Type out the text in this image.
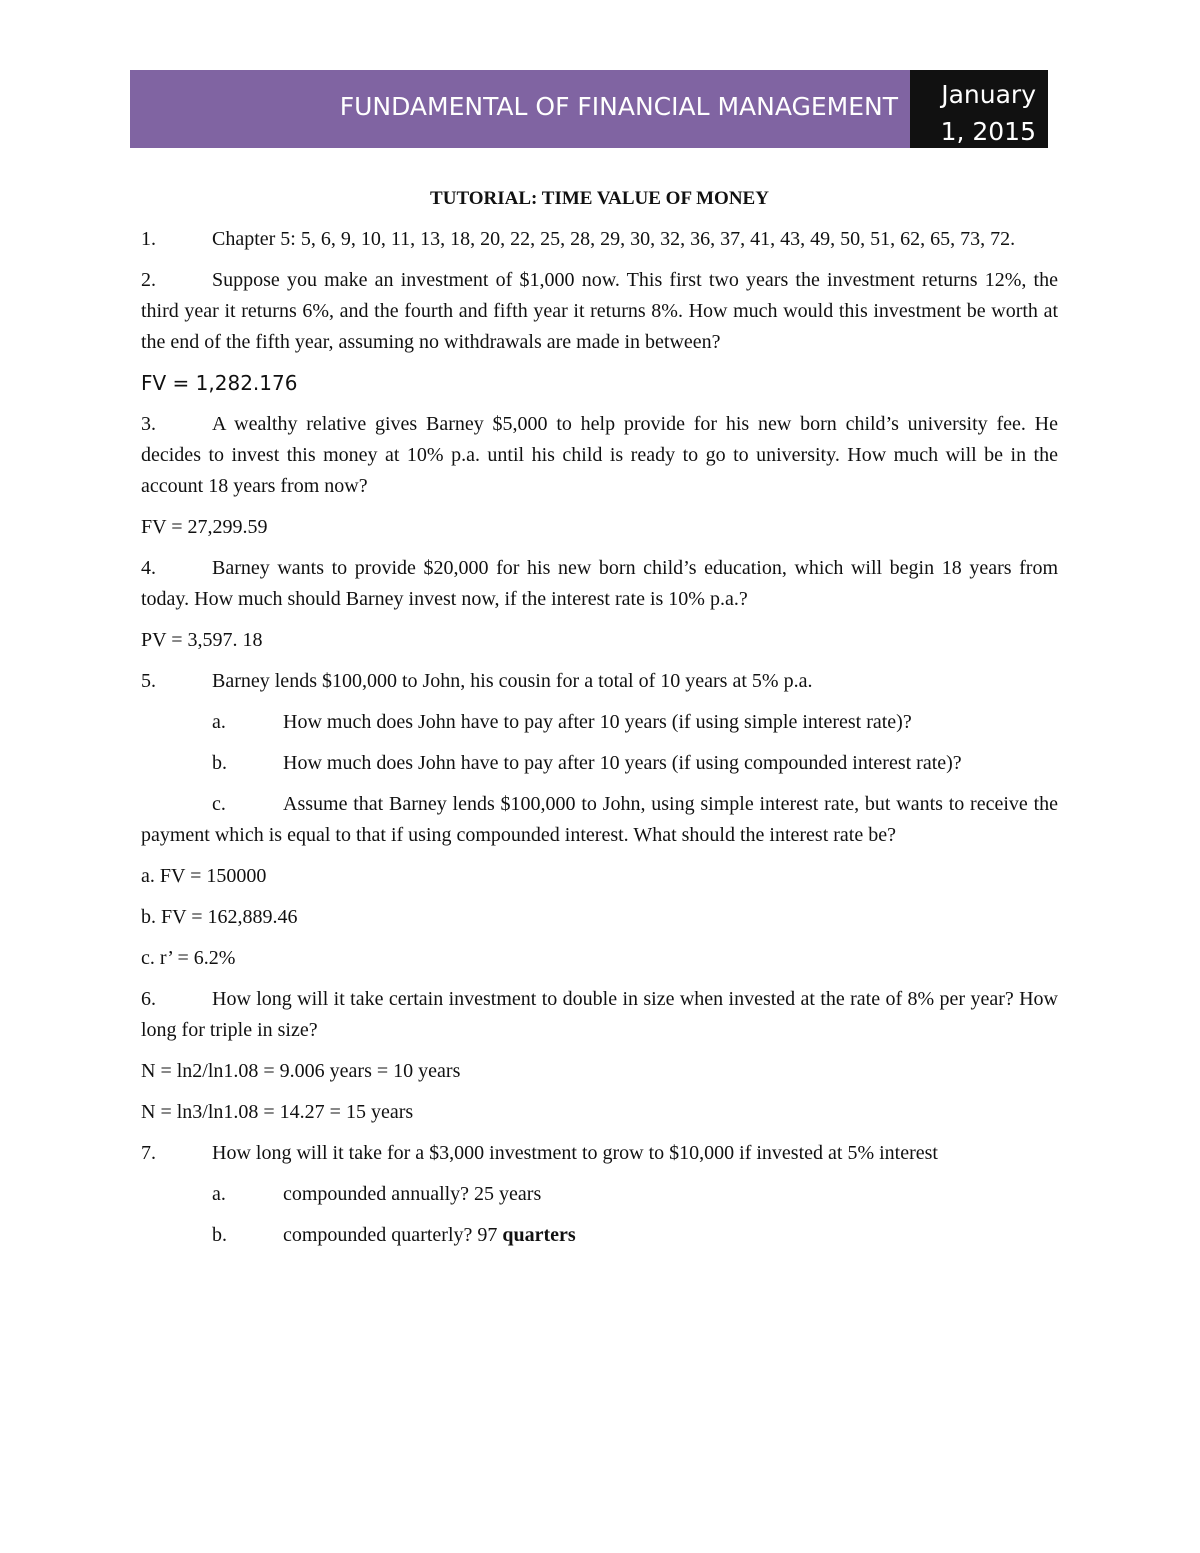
FUNDAMENTAL OF FINANCIAL MANAGEMENT	January
1, 2015
TUTORIAL: TIME VALUE OF MONEY
1.	Chapter 5: 5, 6, 9, 10, 11, 13, 18, 20, 22, 25, 28, 29, 30, 32, 36, 37, 41, 43, 49, 50, 51, 62, 65, 73, 72.
2.	Suppose you make an investment of $1,000 now. This first two years the investment returns 12%, the third year it returns 6%, and the fourth and fifth year it returns 8%. How much would this investment be worth at the end of the fifth year, assuming no withdrawals are made in between?
FV = 1,282.176
3.	A wealthy relative gives Barney $5,000 to help provide for his new born child’s university fee. He decides to invest this money at 10% p.a. until his child is ready to go to university. How much will be in the account 18 years from now?
FV = 27,299.59
4.	Barney wants to provide $20,000 for his new born child’s education, which will begin 18 years from today. How much should Barney invest now, if the interest rate is 10% p.a.?
PV = 3,597. 18
5.	Barney lends $100,000 to John, his cousin for a total of 10 years at 5% p.a.
a.	How much does John have to pay after 10 years (if using simple interest rate)?
b.	How much does John have to pay after 10 years (if using compounded interest rate)?
c.	Assume that Barney lends $100,000 to John, using simple interest rate, but wants to receive the payment which is equal to that if using compounded interest. What should the interest rate be?
a. FV = 150000
b. FV = 162,889.46
c. r’ = 6.2%
6.	How long will it take certain investment to double in size when invested at the rate of 8% per year? How long for triple in size?
N = ln2/ln1.08 = 9.006 years = 10 years
N = ln3/ln1.08 = 14.27 = 15 years
7.	How long will it take for a $3,000 investment to grow to $10,000 if invested at 5% interest
a.	compounded annually? 25 years
b.	compounded quarterly? 97 quarters
